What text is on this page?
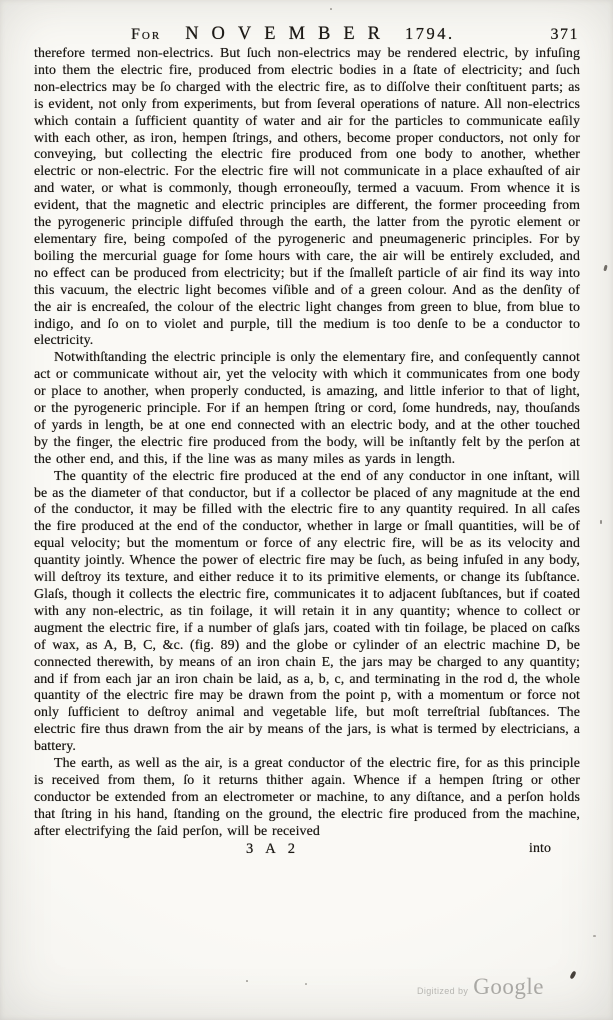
For NOVEMBER 1794.	371

therefore termed non-electrics. But ſuch non-electrics may be rendered electric, by infuſing into them the electric fire, produced from electric bodies in a ſtate of electricity; and ſuch non-electrics may be ſo charged with the electric fire, as to diſſolve their conſtituent parts; as is evident, not only from experiments, but from ſeveral operations of nature. All non-electrics which contain a ſufficient quantity of water and air for the particles to communicate eaſily with each other, as iron, hempen ſtrings, and others, become proper conductors, not only for conveying, but collecting the electric fire produced from one body to another, whether electric or non-electric. For the electric fire will not communicate in a place exhauſted of air and water, or what is commonly, though erroneouſly, termed a vacuum. From whence it is evident, that the magnetic and electric principles are different, the former proceeding from the pyrogeneric principle diffuſed through the earth, the latter from the pyrotic element or elementary fire, being compoſed of the pyrogeneric and pneumageneric principles. For by boiling the mercurial guage for ſome hours with care, the air will be entirely excluded, and no effect can be produced from electricity; but if the ſmalleſt particle of air find its way into this vacuum, the electric light becomes viſible and of a green colour. And as the denſity of the air is encreaſed, the colour of the electric light changes from green to blue, from blue to indigo, and ſo on to violet and purple, till the medium is too denſe to be a conductor to electricity.

Notwithſtanding the electric principle is only the elementary fire, and conſequently cannot act or communicate without air, yet the velocity with which it communicates from one body or place to another, when properly conducted, is amazing, and little inferior to that of light, or the pyrogeneric principle. For if an hempen ſtring or cord, ſome hundreds, nay, thouſands of yards in length, be at one end connected with an electric body, and at the other touched by the finger, the electric fire produced from the body, will be inſtantly felt by the perſon at the other end, and this, if the line was as many miles as yards in length.

The quantity of the electric fire produced at the end of any conductor in one inſtant, will be as the diameter of that conductor, but if a collector be placed of any magnitude at the end of the conductor, it may be filled with the electric fire to any quantity required. In all caſes the fire produced at the end of the conductor, whether in large or ſmall quantities, will be of equal velocity; but the momentum or force of any electric fire, will be as its velocity and quantity jointly. Whence the power of electric fire may be ſuch, as being infuſed in any body, will deſtroy its texture, and either reduce it to its primitive elements, or change its ſubſtance. Glaſs, though it collects the electric fire, communicates it to adjacent ſubſtances, but if coated with any non-electric, as tin foilage, it will retain it in any quantity; whence to collect or augment the electric fire, if a number of glaſs jars, coated with tin foilage, be placed on caſks of wax, as A, B, C, &c. (fig. 89) and the globe or cylinder of an electric machine D, be connected therewith, by means of an iron chain E, the jars may be charged to any quantity; and if from each jar an iron chain be laid, as a, b, c, and terminating in the rod d, the whole quantity of the electric fire may be drawn from the point p, with a momentum or force not only ſufficient to deſtroy animal and vegetable life, but moſt terreſtrial ſubſtances. The electric fire thus drawn from the air by means of the jars, is what is termed by electricians, a battery.

The earth, as well as the air, is a great conductor of the electric fire, for as this principle is received from them, ſo it returns thither again. Whence if a hempen ſtring or other conductor be extended from an electrometer or machine, to any diſtance, and a perſon holds that ſtring in his hand, ſtanding on the ground, the electric fire produced from the machine, after electrifying the ſaid perſon, will be received

3 A 2	into
Digitized by Google
